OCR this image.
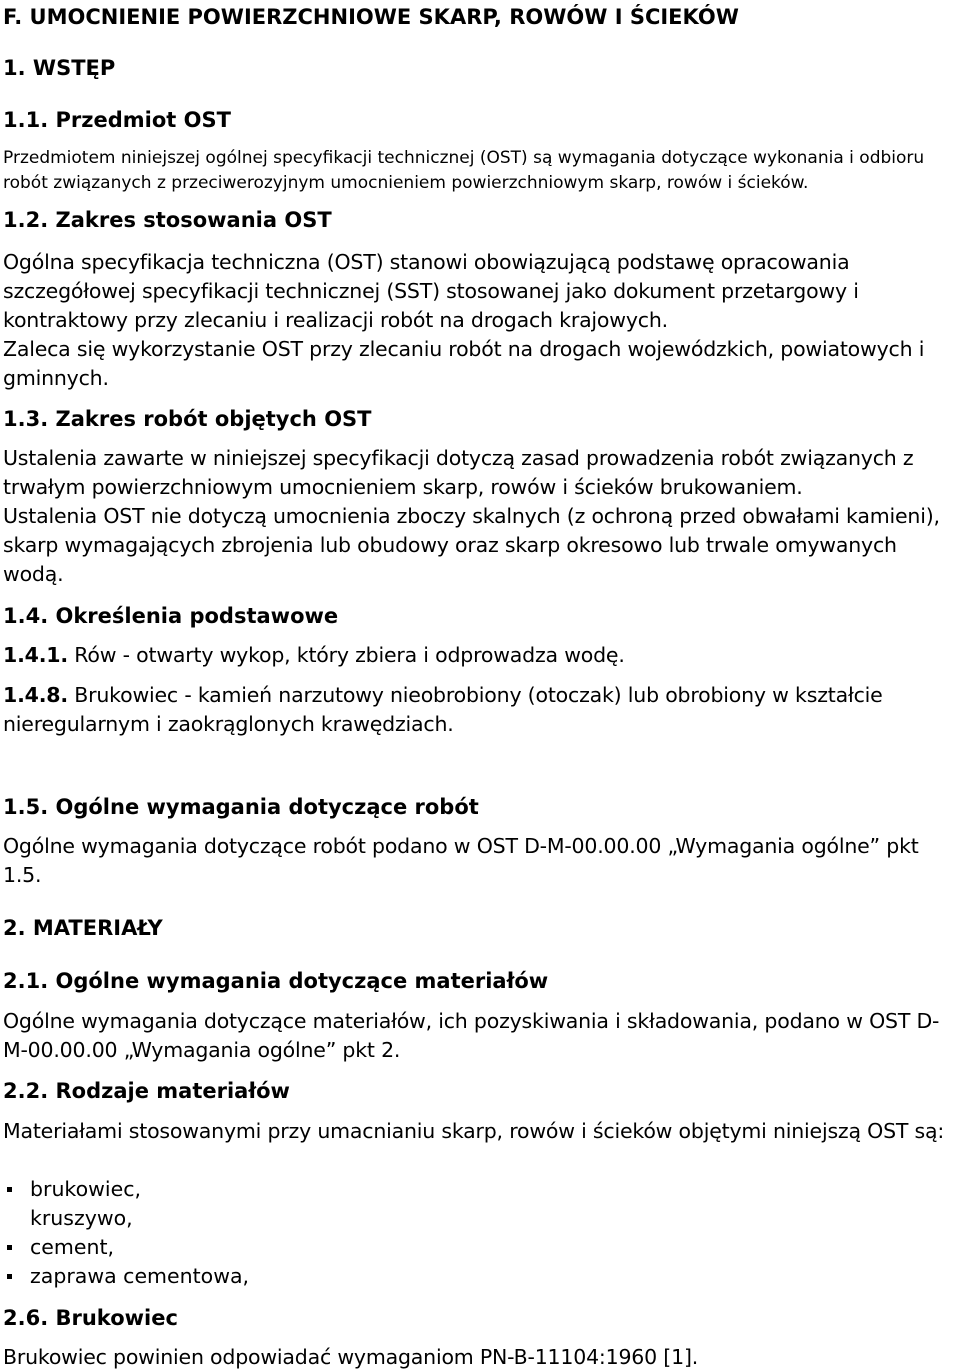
F. UMOCNIENIE POWIERZCHNIOWE SKARP, ROWÓW I ŚCIEKÓW
1. WSTĘP
1.1. Przedmiot OST

Przedmiotem niniejszej ogólnej specyfikacji technicznej (OST) są wymagania dotyczące wykonania i odbioru robót związanych z przeciwerozyjnym umocnieniem powierzchniowym skarp, rowów i ścieków.

1.2. Zakres stosowania OST

Ogólna specyfikacja techniczna (OST) stanowi obowiązującą podstawę opracowania szczegółowej specyfikacji technicznej (SST) stosowanej jako dokument przetargowy i kontraktowy przy zlecaniu i realizacji robót na drogach krajowych.

Zaleca się wykorzystanie OST przy zlecaniu robót na drogach wojewódzkich, powiatowych i gminnych.

1.3. Zakres robót objętych OST

Ustalenia zawarte w niniejszej specyfikacji dotyczą zasad prowadzenia robót związanych z trwałym powierzchniowym umocnieniem skarp, rowów i ścieków brukowaniem.

Ustalenia OST nie dotyczą umocnienia zboczy skalnych (z ochroną przed obwałami kamieni), skarp wymagających zbrojenia lub obudowy oraz skarp okresowo lub trwale omywanych wodą.

1.4. Określenia podstawowe

1.4.1. Rów - otwarty wykop, który zbiera i odprowadza wodę.

1.4.8. Brukowiec - kamień narzutowy nieobrobiony (otoczak) lub obrobiony w kształcie nieregularnym i zaokrąglonych krawędziach.

1.5. Ogólne wymagania dotyczące robót

Ogólne wymagania dotyczące robót podano w OST D-M-00.00.00 „Wymagania ogólne” pkt 1.5.

2. MATERIAŁY
2.1. Ogólne wymagania dotyczące materiałów

Ogólne wymagania dotyczące materiałów, ich pozyskiwania i składowania, podano w OST D-M-00.00.00 „Wymagania ogólne” pkt 2.

2.2. Rodzaje materiałów

Materiałami stosowanymi przy umacnianiu skarp, rowów i ścieków objętymi niniejszą OST są:

brukowiec,
kruszywo,
cement,
zaprawa cementowa,
2.6. Brukowiec

Brukowiec powinien odpowiadać wymaganiom PN-B-11104:1960 [1].
